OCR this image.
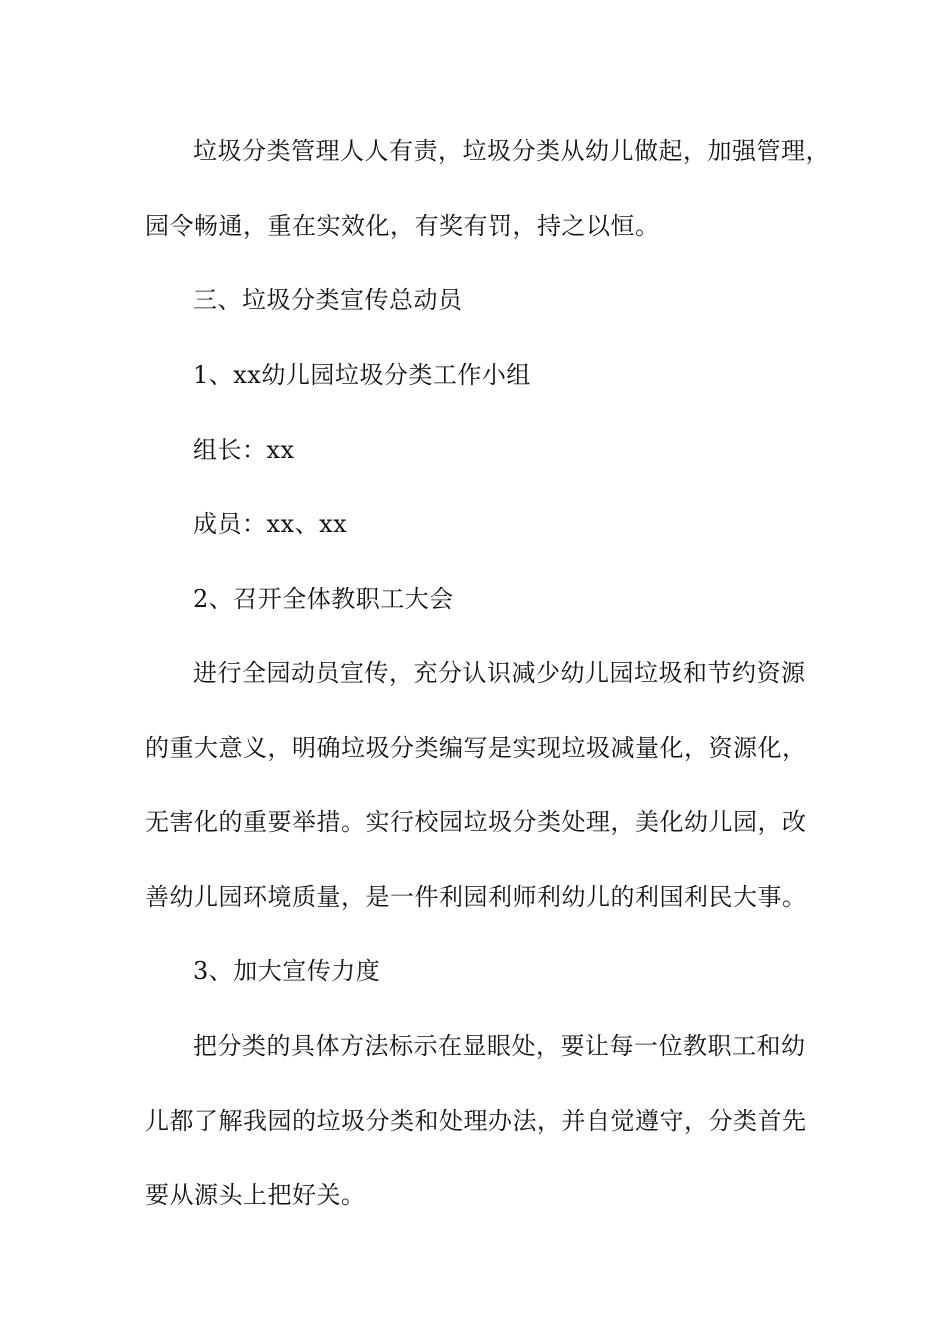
垃圾分类管理人人有责，垃圾分类从幼儿做起，加强管理，
园令畅通，重在实效化，有奖有罚，持之以恒。
三、垃圾分类宣传总动员
1、xx幼儿园垃圾分类工作小组
组长：xx
成员：xx、xx
2、召开全体教职工大会
进行全园动员宣传，充分认识减少幼儿园垃圾和节约资源
的重大意义，明确垃圾分类编写是实现垃圾减量化，资源化，
无害化的重要举措。实行校园垃圾分类处理，美化幼儿园，改
善幼儿园环境质量，是一件利园利师利幼儿的利国利民大事。
3、加大宣传力度
把分类的具体方法标示在显眼处，要让每一位教职工和幼
儿都了解我园的垃圾分类和处理办法，并自觉遵守，分类首先
要从源头上把好关。
